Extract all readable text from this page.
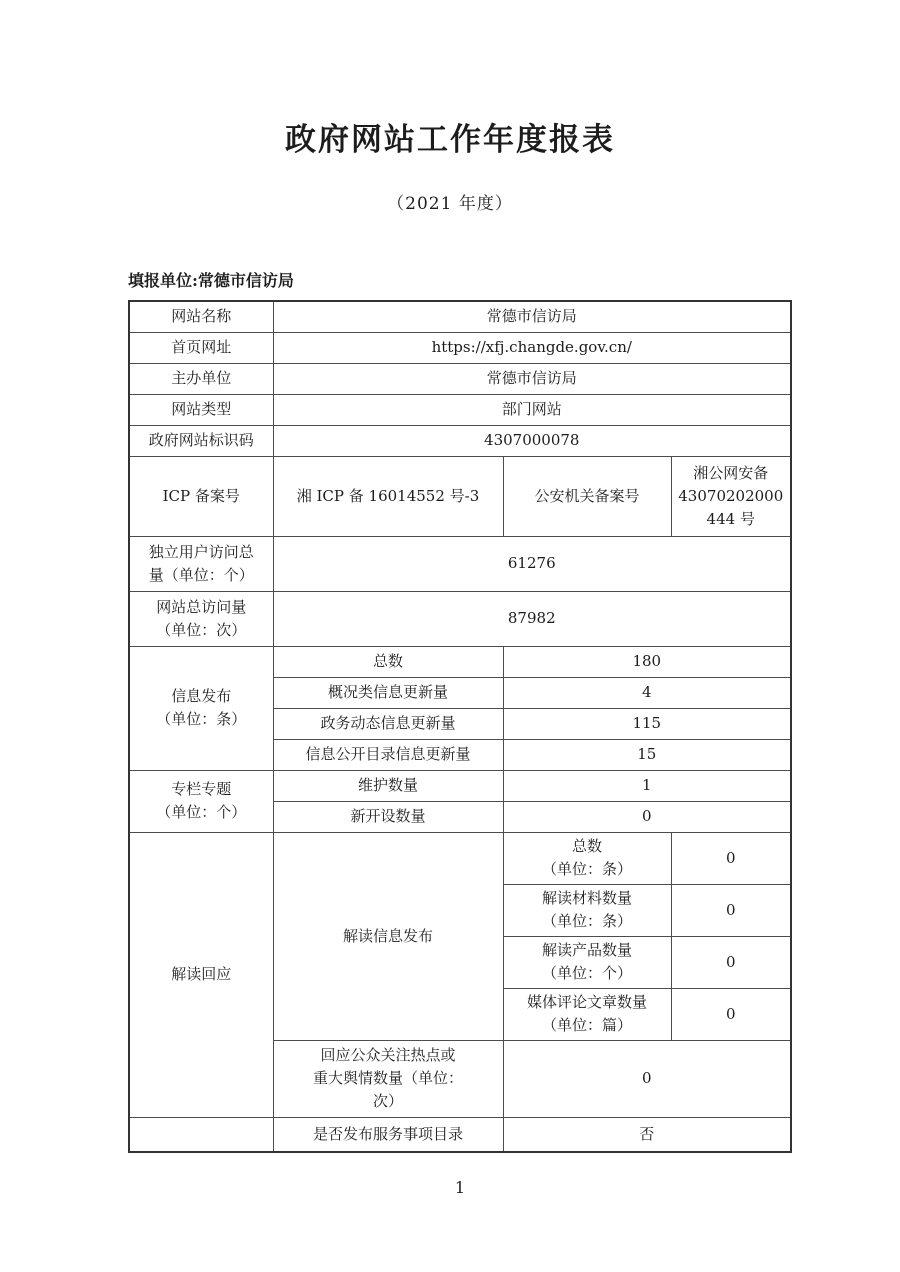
政府网站工作年度报表
（2021 年度）
填报单位:常德市信访局
网站名称	常德市信访局		
首页网址	https://xfj.changde.gov.cn/		
主办单位	常德市信访局		
网站类型	部门网站		
政府网站标识码	4307000078		
ICP 备案号	湘 ICP 备 16014552 号-3	公安机关备案号	湘公网安备
43070202000
444 号

独立用户访问总
量（单位：个）	61276		

网站总访问量
（单位：次）	87982		

信息发布
（单位：条）	总数	180	
	概况类信息更新量	4	
	政务动态信息更新量	115	
	信息公开目录信息更新量	15	

专栏专题
（单位：个）	维护数量	1	
	新开设数量	0	
解读回应	解读信息发布	总数
（单位：条）	0

		解读材料数量
（单位：条）	0

		解读产品数量
（单位：个）	0

		媒体评论文章数量
（单位：篇）	0

	回应公众关注热点或
重大舆情数量（单位：
次）	0	
	是否发布服务事项目录	否	
1
